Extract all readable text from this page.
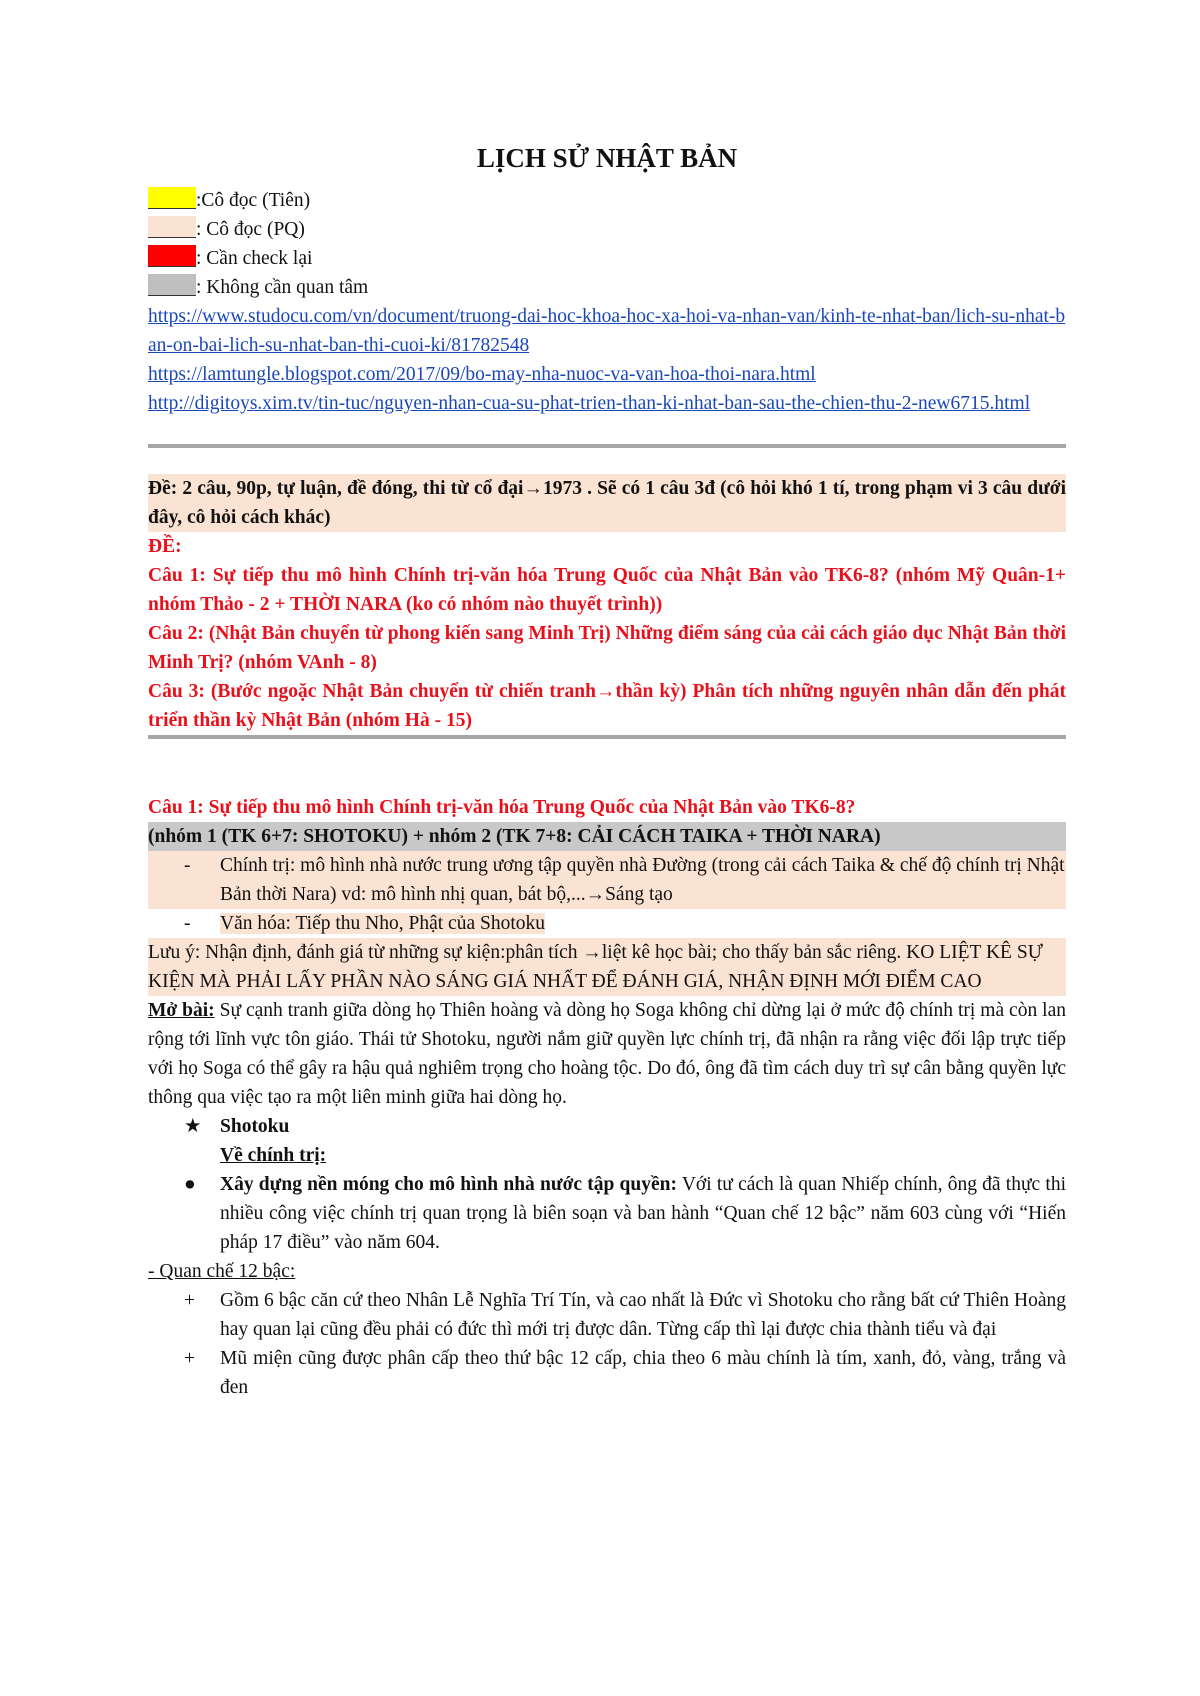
LỊCH SỬ NHẬT BẢN

:Cô đọc (Tiên)
: Cô đọc (PQ)
: Cần check lại
: Không cần quan tâm
https://www.studocu.com/vn/document/truong-dai-hoc-khoa-hoc-xa-hoi-va-nhan-van/kinh-te-nhat-ban/lich-su-nhat-ban-on-bai-lich-su-nhat-ban-thi-cuoi-ki/81782548
https://lamtungle.blogspot.com/2017/09/bo-may-nha-nuoc-va-van-hoa-thoi-nara.html
http://digitoys.xim.tv/tin-tuc/nguyen-nhan-cua-su-phat-trien-than-ki-nhat-ban-sau-the-chien-thu-2-new6715.html

Đề: 2 câu, 90p, tự luận, đề đóng, thi từ cổ đại→1973 . Sẽ có 1 câu 3đ (cô hỏi khó 1 tí, trong phạm vi 3 câu dưới đây, cô hỏi cách khác)

ĐỀ:

Câu 1: Sự tiếp thu mô hình Chính trị-văn hóa Trung Quốc của Nhật Bản vào TK6-8? (nhóm Mỹ Quân-1+ nhóm Thảo - 2 + THỜI NARA (ko có nhóm nào thuyết trình))

Câu 2: (Nhật Bản chuyển từ phong kiến sang Minh Trị) Những điểm sáng của cải cách giáo dục Nhật Bản thời Minh Trị? (nhóm VAnh - 8)

Câu 3: (Bước ngoặc Nhật Bản chuyển từ chiến tranh→thần kỳ) Phân tích những nguyên nhân dẫn đến phát triển thần kỳ Nhật Bản (nhóm Hà - 15)

Câu 1: Sự tiếp thu mô hình Chính trị-văn hóa Trung Quốc của Nhật Bản vào TK6-8?

(nhóm 1 (TK 6+7: SHOTOKU) + nhóm 2 (TK 7+8: CẢI CÁCH TAIKA + THỜI NARA)

- Chính trị: mô hình nhà nước trung ương tập quyền nhà Đường (trong cải cách Taika & chế độ chính trị Nhật Bản thời Nara) vd: mô hình nhị quan, bát bộ,...→Sáng tạo
- Văn hóa: Tiếp thu Nho, Phật của Shotoku

Lưu ý: Nhận định, đánh giá từ những sự kiện:phân tích →liệt kê học bài; cho thấy bản sắc riêng. KO LIỆT KÊ SỰ KIỆN MÀ PHẢI LẤY PHẦN NÀO SÁNG GIÁ NHẤT ĐỂ ĐÁNH GIÁ, NHẬN ĐỊNH MỚI ĐIỂM CAO

Mở bài: Sự cạnh tranh giữa dòng họ Thiên hoàng và dòng họ Soga không chỉ dừng lại ở mức độ chính trị mà còn lan rộng tới lĩnh vực tôn giáo. Thái tử Shotoku, người nắm giữ quyền lực chính trị, đã nhận ra rằng việc đối lập trực tiếp với họ Soga có thể gây ra hậu quả nghiêm trọng cho hoàng tộc. Do đó, ông đã tìm cách duy trì sự cân bằng quyền lực thông qua việc tạo ra một liên minh giữa hai dòng họ.

★ Shotoku
Về chính trị:
● Xây dựng nền móng cho mô hình nhà nước tập quyền: Với tư cách là quan Nhiếp chính, ông đã thực thi nhiều công việc chính trị quan trọng là biên soạn và ban hành “Quan chế 12 bậc” năm 603 cùng với “Hiến pháp 17 điều” vào năm 604.

- Quan chế 12 bậc:

+ Gồm 6 bậc căn cứ theo Nhân Lễ Nghĩa Trí Tín, và cao nhất là Đức vì Shotoku cho rằng bất cứ Thiên Hoàng hay quan lại cũng đều phải có đức thì mới trị được dân. Từng cấp thì lại được chia thành tiểu và đại
+ Mũ miện cũng được phân cấp theo thứ bậc 12 cấp, chia theo 6 màu chính là tím, xanh, đỏ, vàng, trắng và đen
